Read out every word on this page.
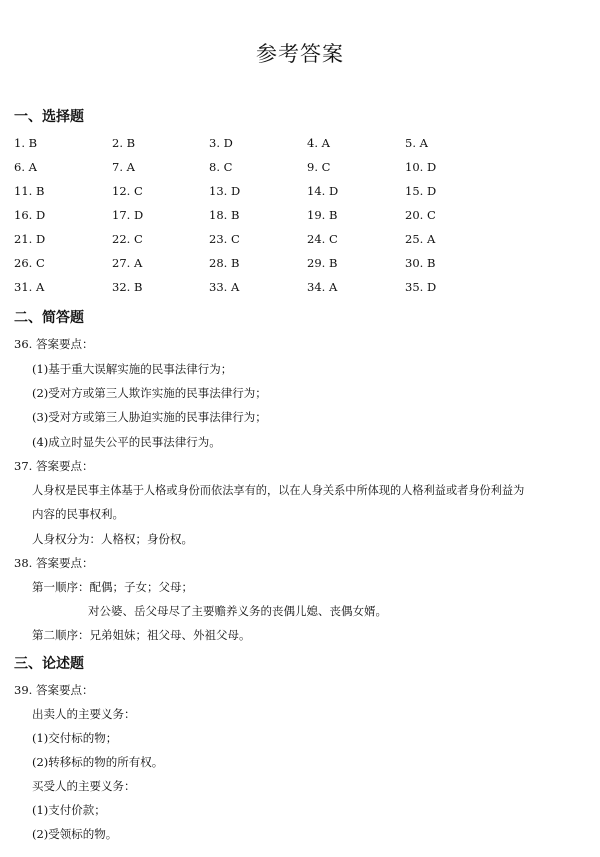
参考答案
一、选择题
1. B	2. B	3. D	4. A	5. A
6. A	7. A	8. C	9. C	10. D
11. B	12. C	13. D	14. D	15. D
16. D	17. D	18. B	19. B	20. C
21. D	22. C	23. C	24. C	25. A
26. C	27. A	28. B	29. B	30. B
31. A	32. B	33. A	34. A	35. D
二、简答题
36. 答案要点：
(1)基于重大误解实施的民事法律行为；
(2)受对方或第三人欺诈实施的民事法律行为；
(3)受对方或第三人胁迫实施的民事法律行为；
(4)成立时显失公平的民事法律行为。
37. 答案要点：
人身权是民事主体基于人格或身份而依法享有的，以在人身关系中所体现的人格利益或者身份利益为
内容的民事权利。
人身权分为：人格权；身份权。
38. 答案要点：
第一顺序：配偶；子女；父母；
对公婆、岳父母尽了主要赡养义务的丧偶儿媳、丧偶女婿。
第二顺序：兄弟姐妹；祖父母、外祖父母。
三、论述题
39. 答案要点：
出卖人的主要义务：
(1)交付标的物；
(2)转移标的物的所有权。
买受人的主要义务：
(1)支付价款；
(2)受领标的物。
